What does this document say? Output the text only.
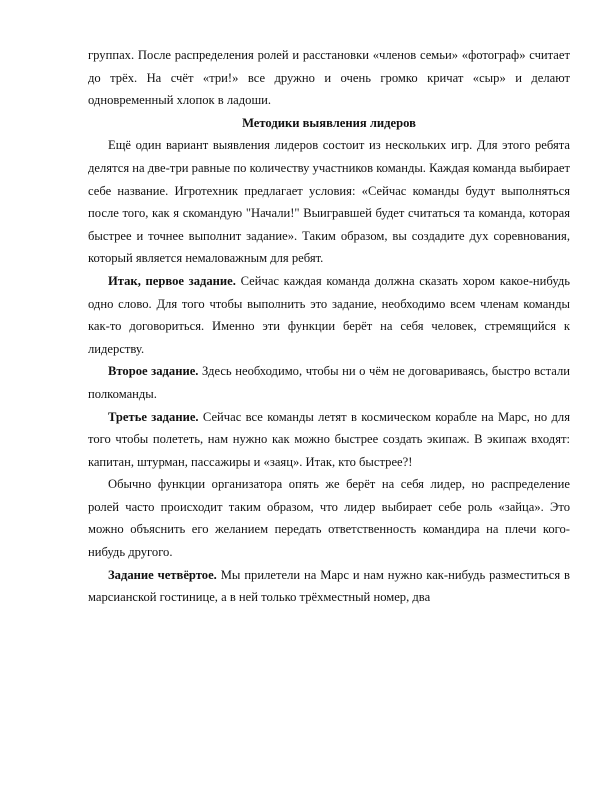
группах. После распределения ролей и расстановки «членов семьи» «фотограф» считает до трёх. На счёт «три!» все дружно и очень громко кричат «сыр» и делают одновременный хлопок в ладоши.

Методики выявления лидеров

Ещё один вариант выявления лидеров состоит из нескольких игр. Для этого ребята делятся на две-три равные по количеству участников команды. Каждая команда выбирает себе название. Игротехник предлагает условия: «Сейчас команды будут выполняться после того, как я скомандую "Начали!" Выигравшей будет считаться та команда, которая быстрее и точнее выполнит задание». Таким образом, вы создадите дух соревнования, который является немаловажным для ребят.

Итак, первое задание. Сейчас каждая команда должна сказать хором какое-нибудь одно слово. Для того чтобы выполнить это задание, необходимо всем членам команды как-то договориться. Именно эти функции берёт на себя человек, стремящийся к лидерству.

Второе задание. Здесь необходимо, чтобы ни о чём не договариваясь, быстро встали полкоманды.

Третье задание. Сейчас все команды летят в космическом корабле на Марс, но для того чтобы полететь, нам нужно как можно быстрее создать экипаж. В экипаж входят: капитан, штурман, пассажиры и «заяц». Итак, кто быстрее?!

Обычно функции организатора опять же берёт на себя лидер, но распределение ролей часто происходит таким образом, что лидер выбирает себе роль «зайца». Это можно объяснить его желанием передать ответственность командира на плечи кого-нибудь другого.

Задание четвёртое. Мы прилетели на Марс и нам нужно как-нибудь разместиться в марсианской гостинице, а в ней только трёхместный номер, два
